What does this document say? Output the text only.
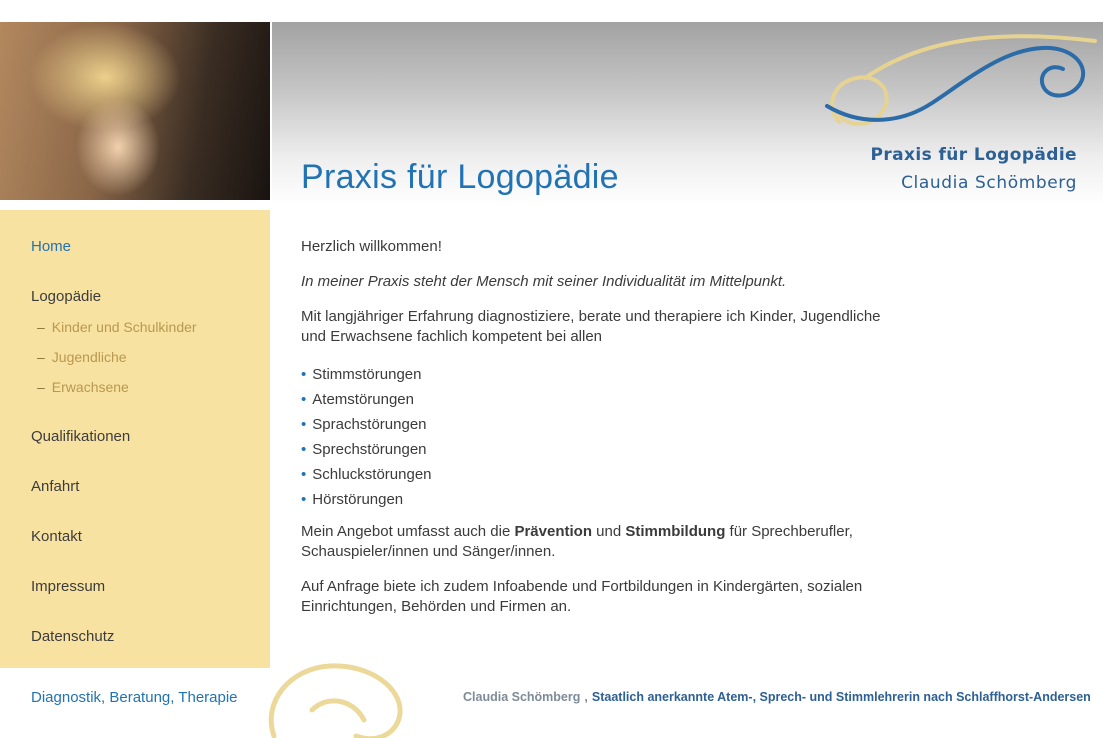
Praxis für Logopädie
Praxis für Logopädie
Claudia Schömberg
Home
Logopädie
– Kinder und Schulkinder
– Jugendliche
– Erwachsene
Qualifikationen
Anfahrt
Kontakt
Impressum
Datenschutz
Diagnostik, Beratung, Therapie

Herzlich willkommen!

In meiner Praxis steht der Mensch mit seiner Individualität im Mittelpunkt.

Mit langjähriger Erfahrung diagnostiziere, berate und therapiere ich Kinder, Jugendliche und Erwachsene fachlich kompetent bei allen

• Stimmstörungen
• Atemstörungen
• Sprachstörungen
• Sprechstörungen
• Schluckstörungen
• Hörstörungen

Mein Angebot umfasst auch die Prävention und Stimmbildung für Sprechberufler, Schauspieler/innen und Sänger/innen.

Auf Anfrage biete ich zudem Infoabende und Fortbildungen in Kindergärten, sozialen Einrichtungen, Behörden und Firmen an.

Claudia Schömberg , Staatlich anerkannte Atem-, Sprech- und Stimmlehrerin nach Schlaffhorst-Andersen
